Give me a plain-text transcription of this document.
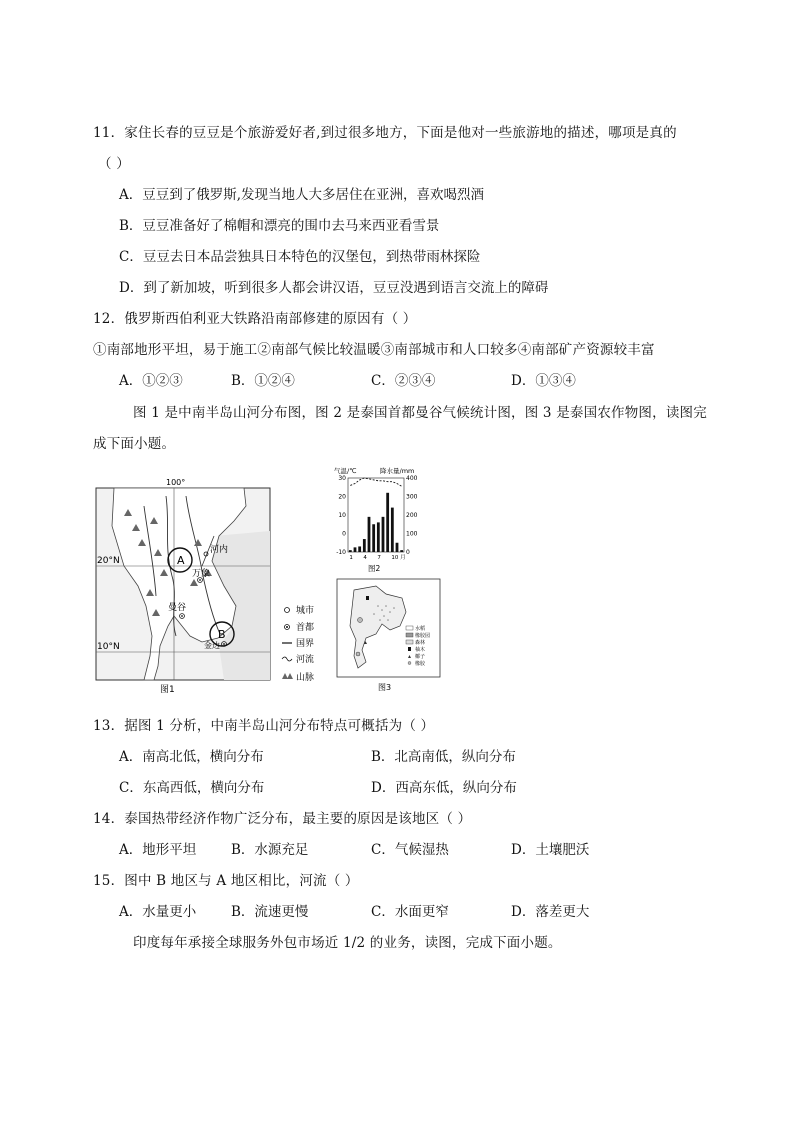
11．家住长春的豆豆是个旅游爱好者,到过很多地方，下面是他对一些旅游地的描述，哪项是真的
（ ）
A．豆豆到了俄罗斯,发现当地人大多居住在亚洲，喜欢喝烈酒
B．豆豆准备好了棉帽和漂亮的围巾去马来西亚看雪景
C．豆豆去日本品尝独具日本特色的汉堡包，到热带雨林探险
D．到了新加坡，听到很多人都会讲汉语，豆豆没遇到语言交流上的障碍
12．俄罗斯西伯利亚大铁路沿南部修建的原因有（ ）
①南部地形平坦，易于施工②南部气候比较温暖③南部城市和人口较多④南部矿产资源较丰富
A．①②③	B．①②④	C．②③④	D．①③④
图 1 是中南半岛山河分布图，图 2 是泰国首都曼谷气候统计图，图 3 是泰国农作物图，读图完
成下面小题。
A
B
100°
20°N
10°N
河内
万象
曼谷
金边
图1
城市
首都
国界
河流
山脉
气温/℃	降水量/mm
30
20
10
0
-10
400
300
200
100
0
1 4 7 10 月
图2
水稻
橡胶园
森林
柚木
椰子
橡胶
图3
13．据图 1 分析，中南半岛山河分布特点可概括为（ ）
A．南高北低，横向分布	B．北高南低，纵向分布
C．东高西低，横向分布	D．西高东低，纵向分布
14．泰国热带经济作物广泛分布，最主要的原因是该地区（ ）
A．地形平坦	B．水源充足	C．气候湿热	D．土壤肥沃
15．图中 B 地区与 A 地区相比，河流（ ）
A．水量更小	B．流速更慢	C．水面更窄	D．落差更大
印度每年承接全球服务外包市场近 1/2 的业务，读图，完成下面小题。
